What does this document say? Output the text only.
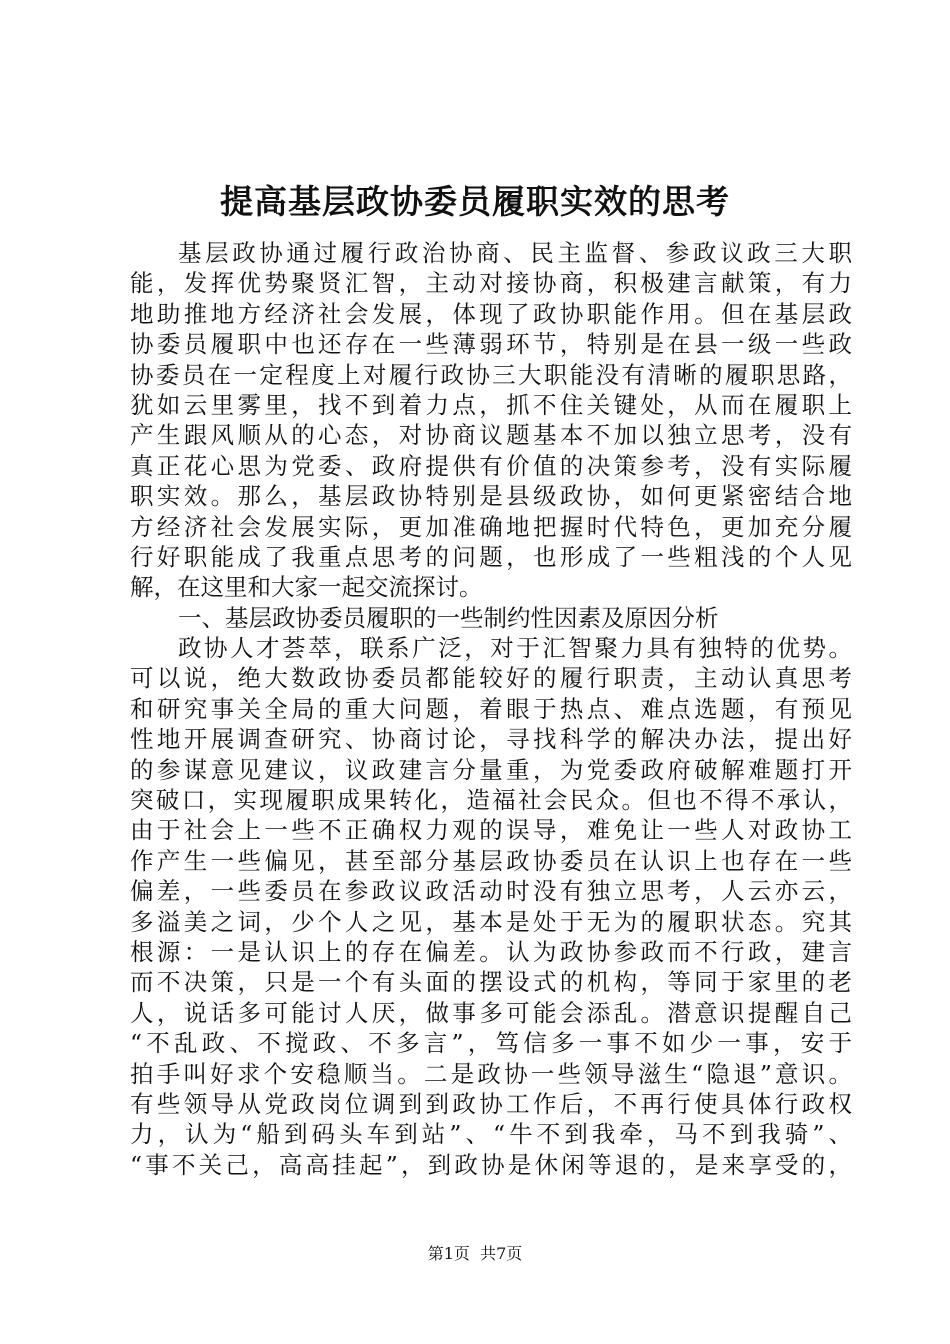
提高基层政协委员履职实效的思考
基层政协通过履行政治协商、民主监督、参政议政三大职
能，发挥优势聚贤汇智，主动对接协商，积极建言献策，有力
地助推地方经济社会发展，体现了政协职能作用。但在基层政
协委员履职中也还存在一些薄弱环节，特别是在县一级一些政
协委员在一定程度上对履行政协三大职能没有清晰的履职思路，
犹如云里雾里，找不到着力点，抓不住关键处，从而在履职上
产生跟风顺从的心态，对协商议题基本不加以独立思考，没有
真正花心思为党委、政府提供有价值的决策参考，没有实际履
职实效。那么，基层政协特别是县级政协，如何更紧密结合地
方经济社会发展实际，更加准确地把握时代特色，更加充分履
行好职能成了我重点思考的问题，也形成了一些粗浅的个人见
解，在这里和大家一起交流探讨。
一、基层政协委员履职的一些制约性因素及原因分析
政协人才荟萃，联系广泛，对于汇智聚力具有独特的优势。
可以说，绝大数政协委员都能较好的履行职责，主动认真思考
和研究事关全局的重大问题，着眼于热点、难点选题，有预见
性地开展调查研究、协商讨论，寻找科学的解决办法，提出好
的参谋意见建议，议政建言分量重，为党委政府破解难题打开
突破口，实现履职成果转化，造福社会民众。但也不得不承认，
由于社会上一些不正确权力观的误导，难免让一些人对政协工
作产生一些偏见，甚至部分基层政协委员在认识上也存在一些
偏差，一些委员在参政议政活动时没有独立思考，人云亦云，
多溢美之词，少个人之见，基本是处于无为的履职状态。究其
根源：一是认识上的存在偏差。认为政协参政而不行政，建言
而不决策，只是一个有头面的摆设式的机构，等同于家里的老
人，说话多可能讨人厌，做事多可能会添乱。潜意识提醒自己
“不乱政、不搅政、不多言”，笃信多一事不如少一事，安于
拍手叫好求个安稳顺当。二是政协一些领导滋生“隐退”意识。
有些领导从党政岗位调到到政协工作后，不再行使具体行政权
力，认为“船到码头车到站”、“牛不到我牵，马不到我骑”、
“事不关己，高高挂起”，到政协是休闲等退的，是来享受的，
第1页  共7页
